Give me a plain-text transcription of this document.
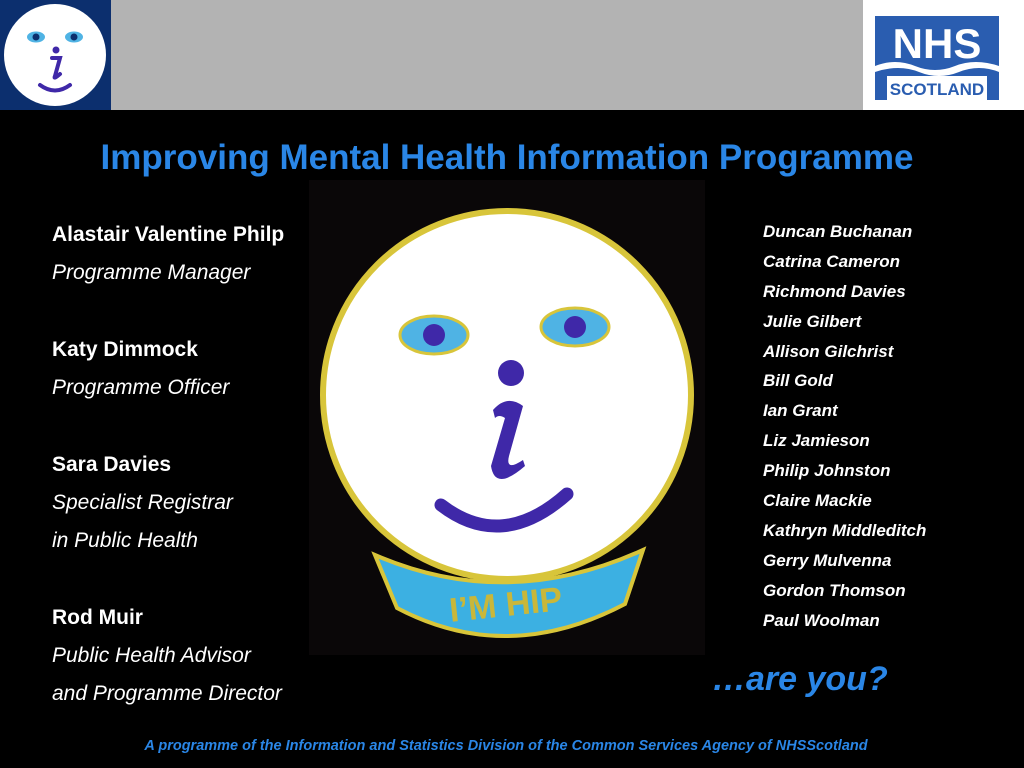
NHS
SCOTLAND
Improving Mental Health Information Programme
Alastair Valentine Philp
Programme Manager
Katy Dimmock
Programme Officer
Sara Davies
Specialist Registrar
in Public Health
Rod Muir
Public Health Advisor
and Programme Director
I’M HIP
Duncan Buchanan
Catrina Cameron
Richmond Davies
Julie Gilbert
Allison Gilchrist
Bill Gold
Ian Grant
Liz Jamieson
Philip Johnston
Claire Mackie
Kathryn Middleditch
Gerry Mulvenna
Gordon Thomson
Paul Woolman
…are you?
A programme of the Information and Statistics Division of the Common Services Agency of NHSScotland
